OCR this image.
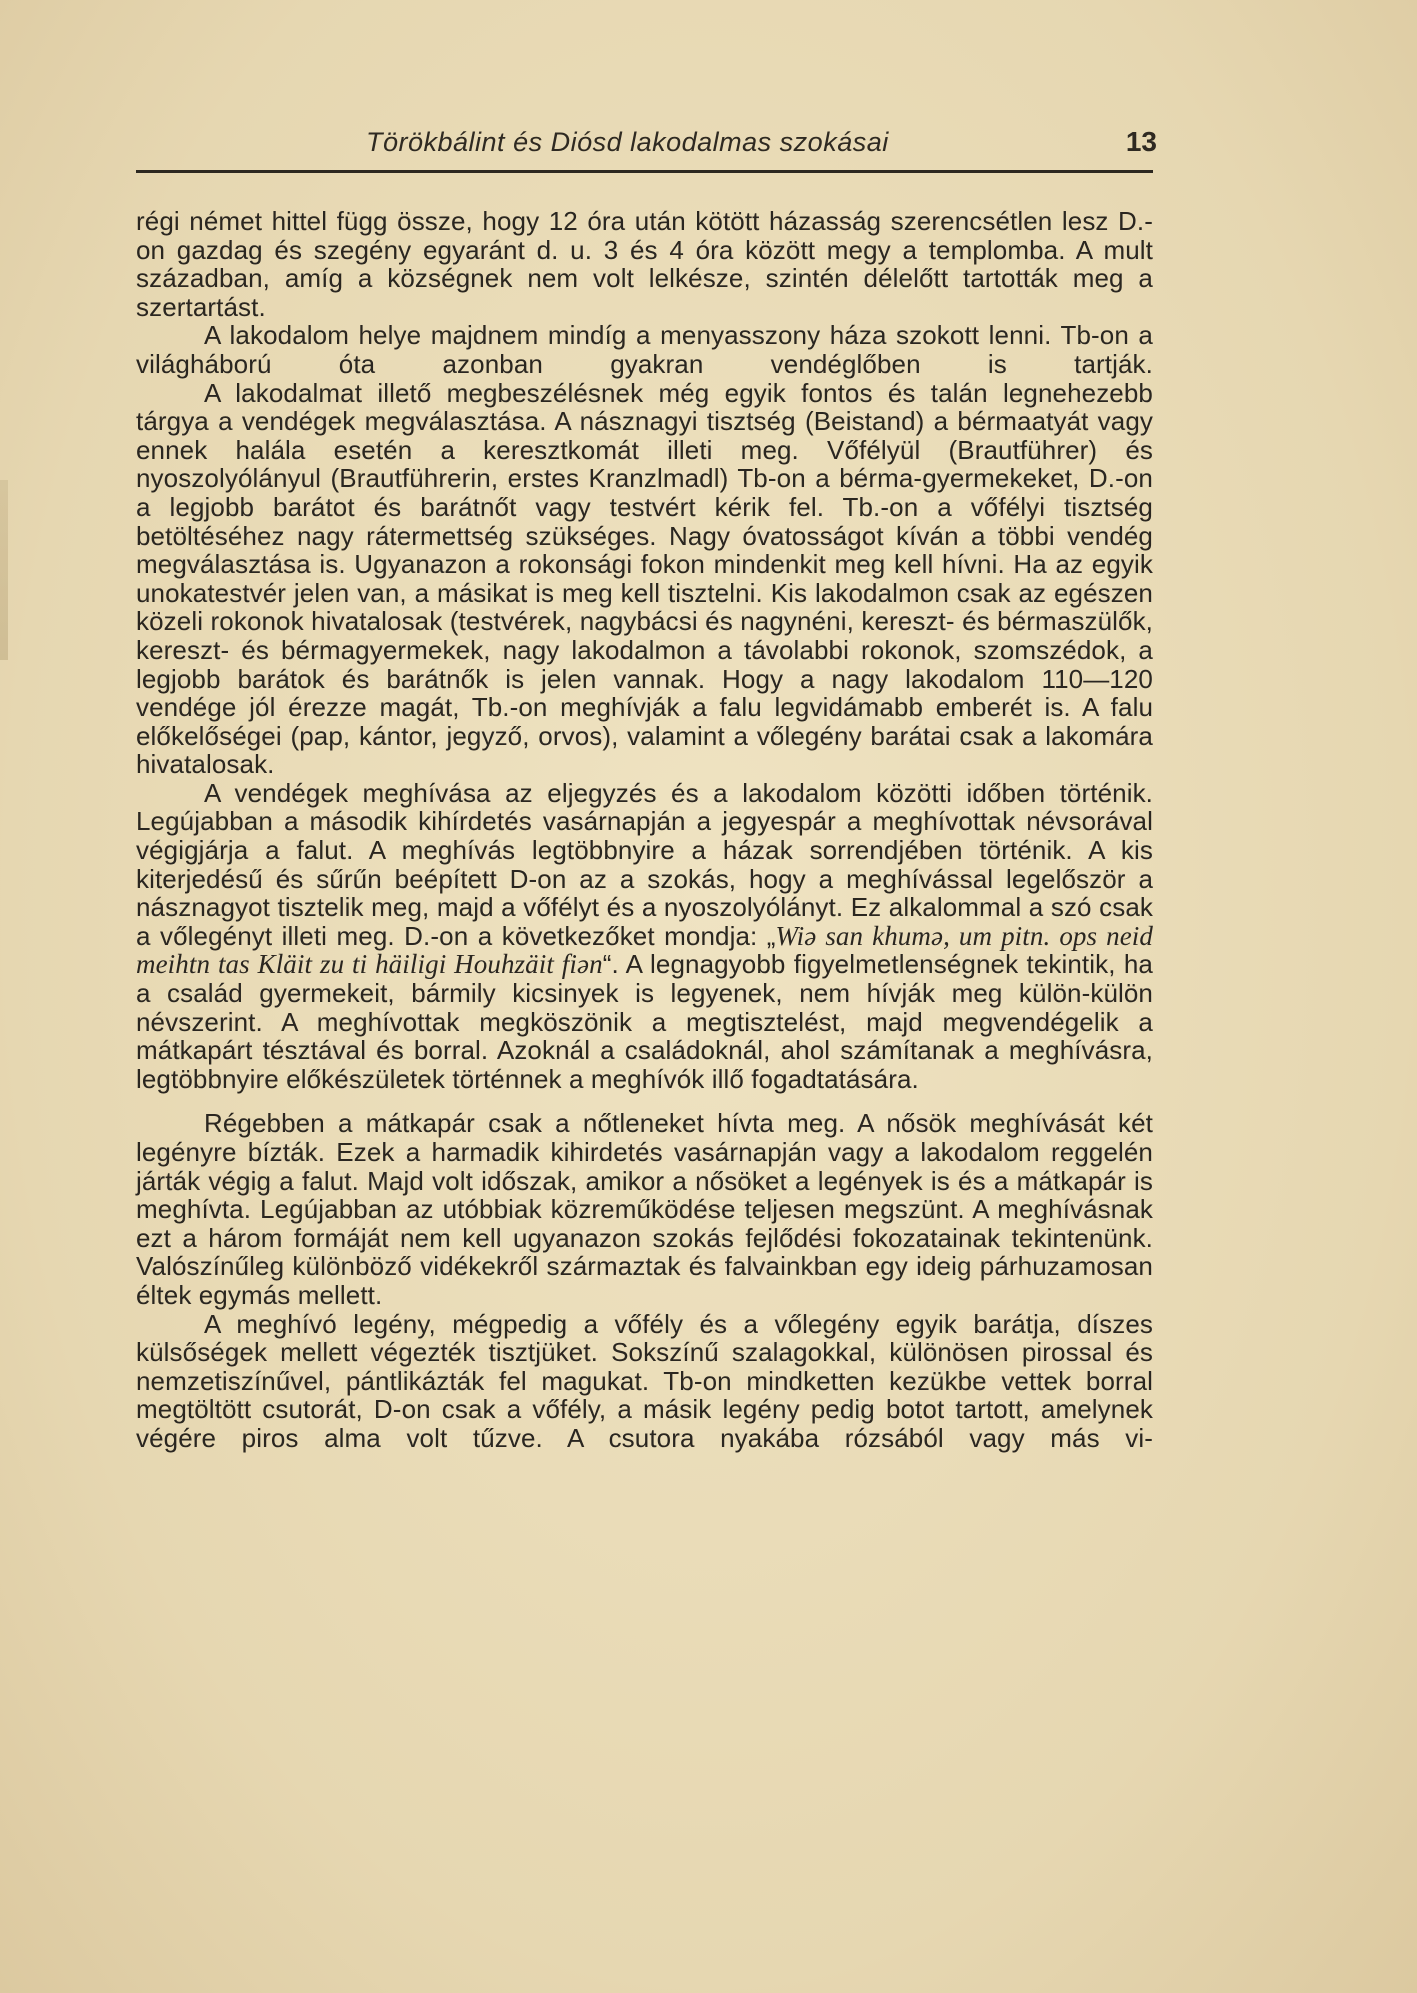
Törökbálint és Diósd lakodalmas szokásai	13

régi német hittel függ össze, hogy 12 óra után kötött házasság szerencsétlen lesz D.-on gazdag és szegény egyaránt d. u. 3 és 4 óra között megy a templomba. A mult században, amíg a községnek nem volt lelkésze, szintén délelőtt tartották meg a szertartást.

A lakodalom helye majdnem mindíg a menyasszony háza szokott lenni. Tb-on a világháború óta azonban gyakran vendéglőben is tartják.

A lakodalmat illető megbeszélésnek még egyik fontos és talán legnehezebb tárgya a vendégek megválasztása. A násznagyi tisztség (Beistand) a bérmaatyát vagy ennek halála esetén a keresztkomát illeti meg. Vőfélyül (Brautführer) és nyoszolyólányul (Brautführerin, erstes Kranzlmadl) Tb-on a bérma-gyermekeket, D.-on a legjobb barátot és barátnőt vagy testvért kérik fel. Tb.-on a vőfélyi tisztség betöltéséhez nagy rátermettség szükséges. Nagy óvatosságot kíván a többi vendég megválasztása is. Ugyanazon a rokonsági fokon mindenkit meg kell hívni. Ha az egyik unokatestvér jelen van, a másikat is meg kell tisztelni. Kis lakodalmon csak az egészen közeli rokonok hivatalosak (testvérek, nagybácsi és nagynéni, kereszt- és bérmaszülők, kereszt- és bérmagyermekek, nagy lakodalmon a távolabbi rokonok, szomszédok, a legjobb barátok és barátnők is jelen vannak. Hogy a nagy lakodalom 110—120 vendége jól érezze magát, Tb.-on meghívják a falu legvidámabb emberét is. A falu előkelőségei (pap, kántor, jegyző, orvos), valamint a vőlegény barátai csak a lakomára hivatalosak.

A vendégek meghívása az eljegyzés és a lakodalom közötti időben történik. Legújabban a második kihírdetés vasárnapján a jegyespár a meghívottak névsorával végigjárja a falut. A meghívás legtöbbnyire a házak sorrendjében történik. A kis kiterjedésű és sűrűn beépített D-on az a szokás, hogy a meghívással legelőször a násznagyot tisztelik meg, majd a vőfélyt és a nyoszolyólányt. Ez alkalommal a szó csak a vőlegényt illeti meg. D.-on a következőket mondja: „Wiə san khumə, um pitn. ops neid meihtn tas Kläit zu ti häiligi Houhzäit fiən“. A legnagyobb figyelmetlenségnek tekintik, ha a család gyermekeit, bármily kicsinyek is legyenek, nem hívják meg külön-külön névszerint. A meghívottak megköszönik a megtisztelést, majd megvendégelik a mátkapárt tésztával és borral. Azoknál a családoknál, ahol számítanak a meghívásra, legtöbbnyire előkészületek történnek a meghívók illő fogadtatására.

Régebben a mátkapár csak a nőtleneket hívta meg. A nősök meghívását két legényre bízták. Ezek a harmadik kihirdetés vasárnapján vagy a lakodalom reggelén járták végig a falut. Majd volt időszak, amikor a nősöket a legények is és a mátkapár is meghívta. Legújabban az utóbbiak közreműködése teljesen megszünt. A meghívásnak ezt a három formáját nem kell ugyanazon szokás fejlődési fokozatainak tekintenünk. Valószínűleg különböző vidékekről származtak és falvainkban egy ideig párhuzamosan éltek egymás mellett.

A meghívó legény, mégpedig a vőfély és a vőlegény egyik barátja, díszes külsőségek mellett végezték tisztjüket. Sokszínű szalagokkal, különösen pirossal és nemzetiszínűvel, pántlikázták fel magukat. Tb-on mindketten kezükbe vettek borral megtöltött csutorát, D-on csak a vőfély, a másik legény pedig botot tartott, amelynek végére piros alma volt tűzve. A csutora nyakába rózsából vagy más vi-
